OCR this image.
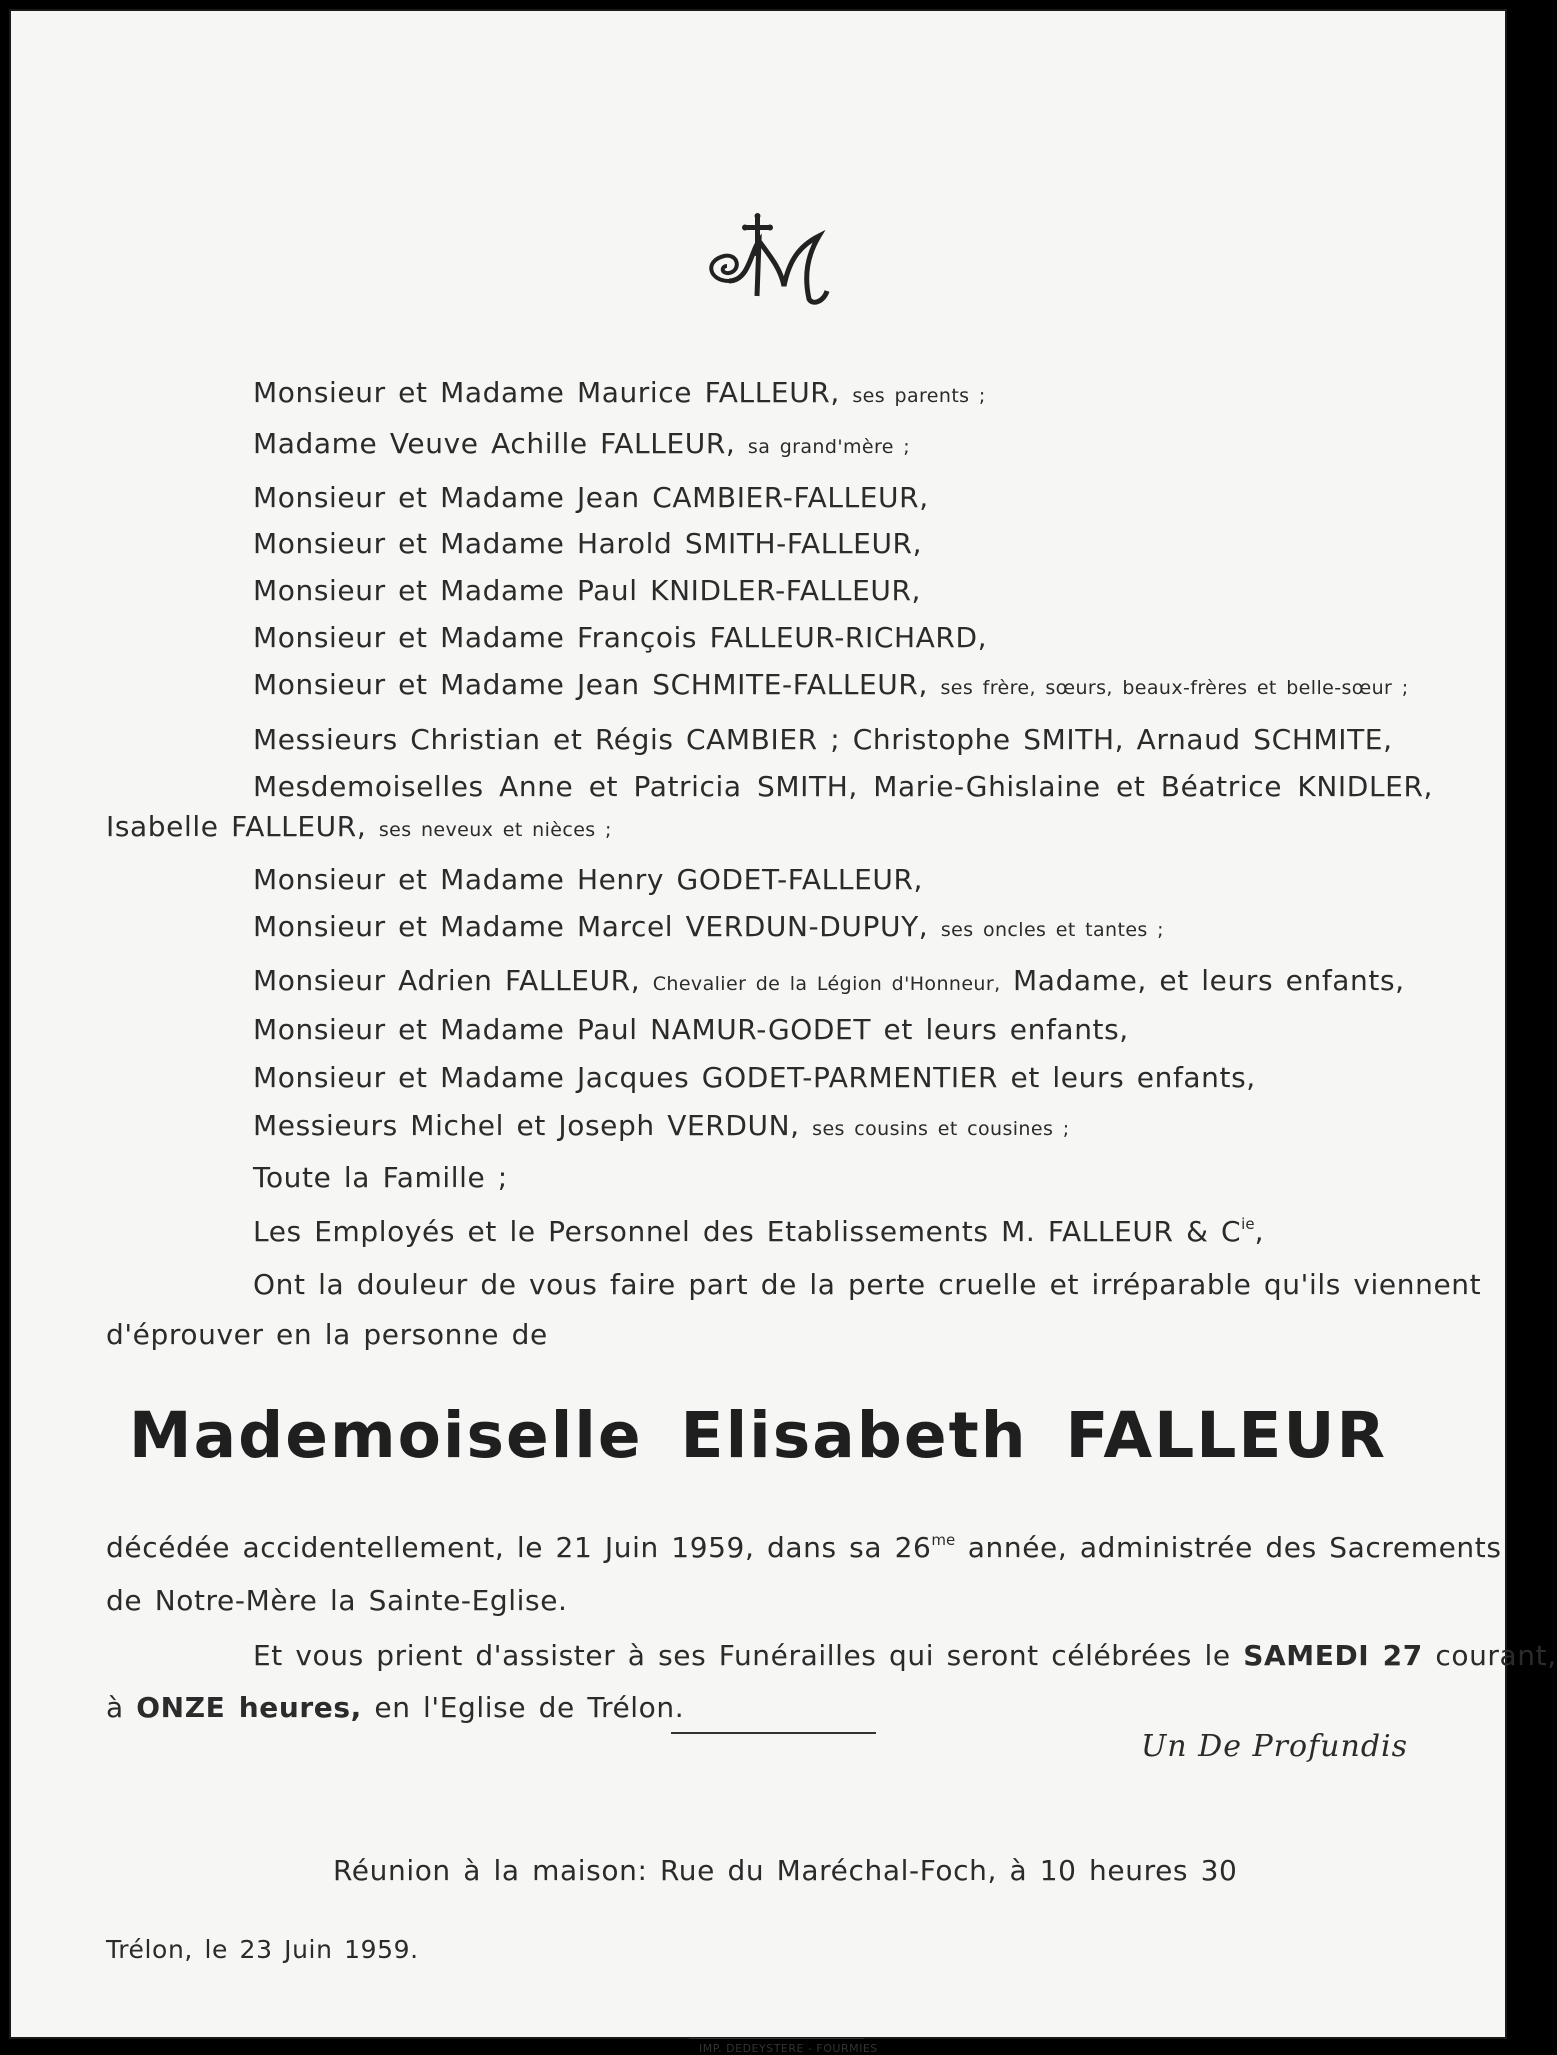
Monsieur et Madame Maurice FALLEUR, ses parents ;
Madame Veuve Achille FALLEUR, sa grand'mère ;
Monsieur et Madame Jean CAMBIER-FALLEUR,
Monsieur et Madame Harold SMITH-FALLEUR,
Monsieur et Madame Paul KNIDLER-FALLEUR,
Monsieur et Madame François FALLEUR-RICHARD,
Monsieur et Madame Jean SCHMITE-FALLEUR, ses frère, sœurs, beaux-frères et belle-sœur ;
Messieurs Christian et Régis CAMBIER ; Christophe SMITH, Arnaud SCHMITE,
Mesdemoiselles Anne et Patricia SMITH, Marie-Ghislaine et Béatrice KNIDLER,
Isabelle FALLEUR, ses neveux et nièces ;
Monsieur et Madame Henry GODET-FALLEUR,
Monsieur et Madame Marcel VERDUN-DUPUY, ses oncles et tantes ;
Monsieur Adrien FALLEUR, Chevalier de la Légion d'Honneur, Madame, et leurs enfants,
Monsieur et Madame Paul NAMUR-GODET et leurs enfants,
Monsieur et Madame Jacques GODET-PARMENTIER et leurs enfants,
Messieurs Michel et Joseph VERDUN, ses cousins et cousines ;
Toute la Famille ;
Les Employés et le Personnel des Etablissements M. FALLEUR & $C^{ie}$,
Ont la douleur de vous faire part de la perte cruelle et irréparable qu'ils viennent
d'éprouver en la personne de
Mademoiselle Elisabeth FALLEUR
décédée accidentellement, le 21 Juin 1959, dans sa $26^{me}$ année, administrée des Sacrements
de Notre-Mère la Sainte-Eglise.
Et vous prient d'assister à ses Funérailles qui seront célébrées le SAMEDI 27 courant,
à ONZE heures, en l'Eglise de Trélon.
Un De Profundis
Réunion à la maison: Rue du Maréchal-Foch, à 10 heures 30
Trélon, le 23 Juin 1959.
IMP. DEDEYSTERE - FOURMIES
